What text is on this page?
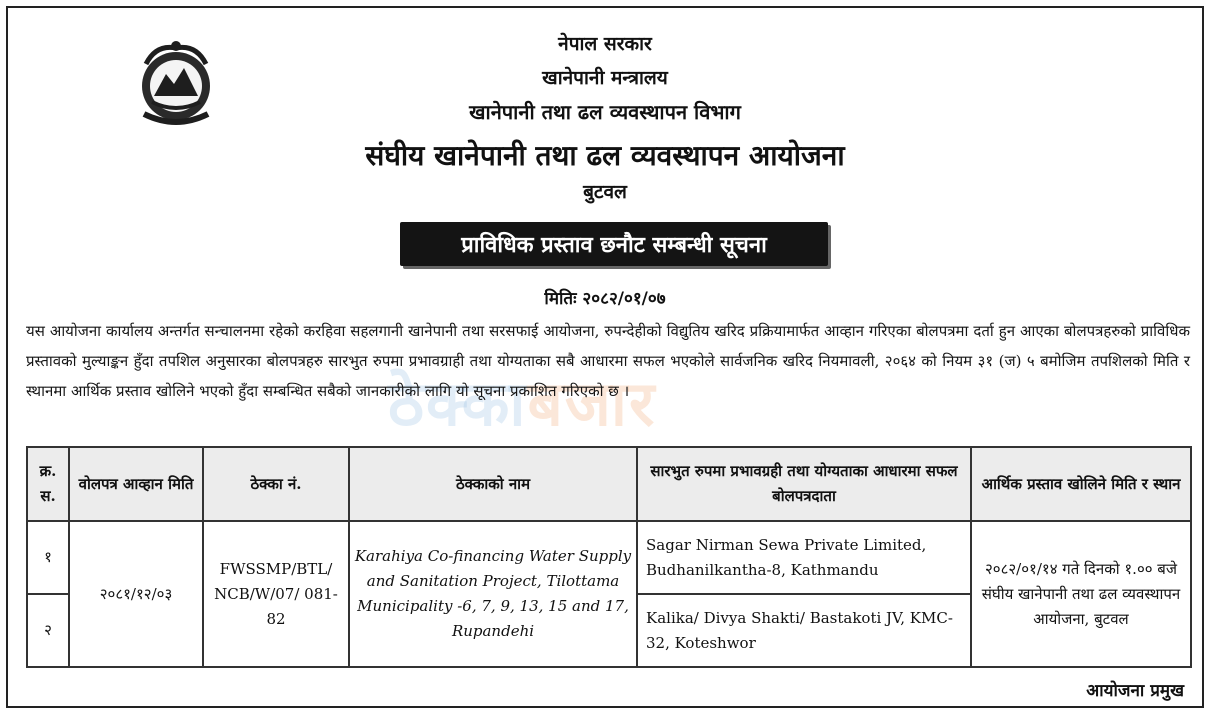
नेपाल सरकार
खानेपानी मन्त्रालय
खानेपानी तथा ढल व्यवस्थापन विभाग
संघीय खानेपानी तथा ढल व्यवस्थापन आयोजना
बुटवल
प्राविधिक प्रस्ताव छनौट सम्बन्धी सूचना
मितिः २०८२/०१/०७
ठेक्काबजार
यस आयोजना कार्यालय अन्तर्गत सन्चालनमा रहेको करहिवा सहलगानी खानेपानी तथा सरसफाई आयोजना, रुपन्देहीको विद्युतिय खरिद प्रक्रियामार्फत आव्हान गरिएका बोलपत्रमा दर्ता हुन आएका बोलपत्रहरुको प्राविधिक प्रस्तावको मुल्याङ्कन हुँदा तपशिल अनुसारका बोलपत्रहरु सारभुत रुपमा प्रभावग्राही तथा योग्यताका सबै आधारमा सफल भएकोले सार्वजनिक खरिद नियमावली, २०६४ को नियम ३१ (ज) ५ बमोजिम तपशिलको मिति र स्थानमा आर्थिक प्रस्ताव खोलिने भएको हुँदा सम्बन्धित सबैको जानकारीको लागि यो सूचना प्रकाशित गरिएको छ ।
क्र. स.	वोलपत्र आव्हान मिति	ठेक्का नं.	ठेक्काको नाम	सारभुत रुपमा प्रभावग्रही तथा योग्यताका आधारमा सफल बोलपत्रदाता	आर्थिक प्रस्ताव खोलिने मिति र स्थान
१	२०८१/१२/०३	FWSSMP/BTL/ NCB/W/07/ 081-82	Karahiya Co-financing Water Supply and Sanitation Project, Tilottama Municipality -6, 7, 9, 13, 15 and 17, Rupandehi	Sagar Nirman Sewa Private Limited, Budhanilkantha-8, Kathmandu	२०८२/०१/१४ गते दिनको १.०० बजे संघीय खानेपानी तथा ढल व्यवस्थापन आयोजना, बुटवल
२				Kalika/ Divya Shakti/ Bastakoti JV, KMC-32, Koteshwor	
आयोजना प्रमुख
